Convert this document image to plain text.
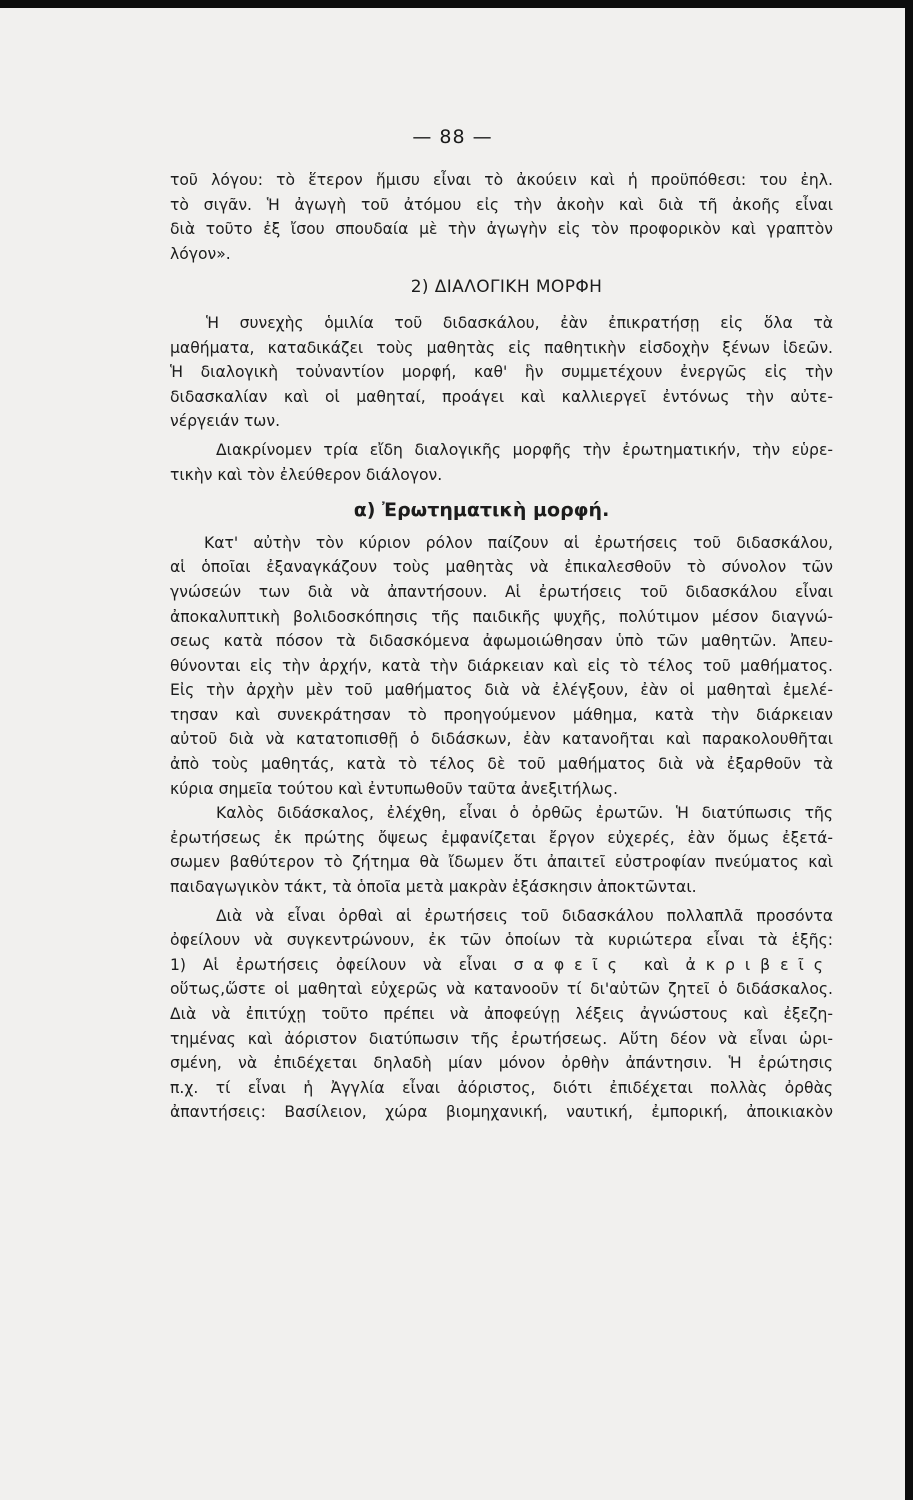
— 88 —

τοῦ λόγου: τὸ ἕτερον ἥμισυ εἶναι τὸ ἀκούειν καὶ ἡ προϋπόθεσι: του ἐηλ.

τὸ σιγᾶν. Ἡ ἀγωγὴ τοῦ ἀτόμου εἰς τὴν ἀκοὴν καὶ διὰ τῆ ἀκοῆς εἶναι

διὰ τοῦτο ἐξ ἴσου σπουδαία μὲ τὴν ἀγωγὴν εἰς τὸν προφορικὸν καὶ γραπτὸν

λόγον».

2) ΔΙΑΛΟΓΙΚΗ ΜΟΡΦΗ

Ἡ συνεχὴς ὁμιλία τοῦ διδασκάλου, ἐὰν ἐπικρατήσῃ εἰς ὅλα τὰ

μαθήματα, καταδικάζει τοὺς μαθητὰς εἰς παθητικὴν εἰσδοχὴν ξένων ἰδεῶν.

Ἡ διαλογικὴ τοὐναντίον μορφή, καθ' ἣν συμμετέχουν ἐνεργῶς εἰς τὴν

διδασκαλίαν καὶ οἱ μαθηταί, προάγει καὶ καλλιεργεῖ ἐντόνως τὴν αὐτε-

νέργειάν των.

Διακρίνομεν τρία εἴδη διαλογικῆς μορφῆς τὴν ἐρωτηματικήν, τὴν εὑρε-

τικὴν καὶ τὸν ἐλεύθερον διάλογον.

α) Ἐρωτηματικὴ μορφή.

Κατ' αὐτὴν τὸν κύριον ρόλον παίζουν αἱ ἐρωτήσεις τοῦ διδασκάλου,

αἱ ὁποῖαι ἐξαναγκάζουν τοὺς μαθητὰς νὰ ἐπικαλεσθοῦν τὸ σύνολον τῶν

γνώσεών των διὰ νὰ ἀπαντήσουν. Αἱ ἐρωτήσεις τοῦ διδασκάλου εἶναι

ἀποκαλυπτικὴ βολιδοσκόπησις τῆς παιδικῆς ψυχῆς, πολύτιμον μέσον διαγνώ-

σεως κατὰ πόσον τὰ διδασκόμενα ἀφωμοιώθησαν ὑπὸ τῶν μαθητῶν. Ἀπευ-

θύνονται εἰς τὴν ἀρχήν, κατὰ τὴν διάρκειαν καὶ εἰς τὸ τέλος τοῦ μαθήματος.

Εἰς τὴν ἀρχὴν μὲν τοῦ μαθήματος διὰ νὰ ἐλέγξουν, ἐὰν οἱ μαθηταὶ ἐμελέ-

τησαν καὶ συνεκράτησαν τὸ προηγούμενον μάθημα, κατὰ τὴν διάρκειαν

αὐτοῦ διὰ νὰ κατατοπισθῇ ὁ διδάσκων, ἐὰν κατανοῆται καὶ παρακολουθῆται

ἀπὸ τοὺς μαθητάς, κατὰ τὸ τέλος δὲ τοῦ μαθήματος διὰ νὰ ἐξαρθοῦν τὰ

κύρια σημεῖα τούτου καὶ ἐντυπωθοῦν ταῦτα ἀνεξιτήλως.

Καλὸς διδάσκαλος, ἐλέχθη, εἶναι ὁ ὀρθῶς ἐρωτῶν. Ἡ διατύπωσις τῆς

ἐρωτήσεως ἐκ πρώτης ὄψεως ἐμφανίζεται ἔργον εὐχερές, ἐὰν ὅμως ἐξετά-

σωμεν βαθύτερον τὸ ζήτημα θὰ ἴδωμεν ὅτι ἀπαιτεῖ εὐστροφίαν πνεύματος καὶ

παιδαγωγικὸν τάκτ, τὰ ὁποῖα μετὰ μακρὰν ἐξάσκησιν ἀποκτῶνται.

Διὰ νὰ εἶναι ὀρθαὶ αἱ ἐρωτήσεις τοῦ διδασκάλου πολλαπλᾶ προσόντα

ὀφείλουν νὰ συγκεντρώνουν, ἐκ τῶν ὁποίων τὰ κυριώτερα εἶναι τὰ ἑξῆς:

1) Αἱ ἐρωτήσεις ὀφείλουν νὰ εἶναι σαφεῖς καὶ ἀκριβεῖς

οὕτως,ὥστε οἱ μαθηταὶ εὐχερῶς νὰ κατανοοῦν τί δι'αὐτῶν ζητεῖ ὁ διδάσκαλος.

Διὰ νὰ ἐπιτύχῃ τοῦτο πρέπει νὰ ἀποφεύγῃ λέξεις ἀγνώστους καὶ ἐξεζη-

τημένας καὶ ἀόριστον διατύπωσιν τῆς ἐρωτήσεως. Αὕτη δέον νὰ εἶναι ὡρι-

σμένη, νὰ ἐπιδέχεται δηλαδὴ μίαν μόνον ὀρθὴν ἀπάντησιν. Ἡ ἐρώτησις

π.χ. τί εἶναι ἡ Ἀγγλία εἶναι ἀόριστος, διότι ἐπιδέχεται πολλὰς ὀρθὰς

ἀπαντήσεις: Βασίλειον, χώρα βιομηχανική, ναυτική, ἐμπορική, ἀποικιακὸν
